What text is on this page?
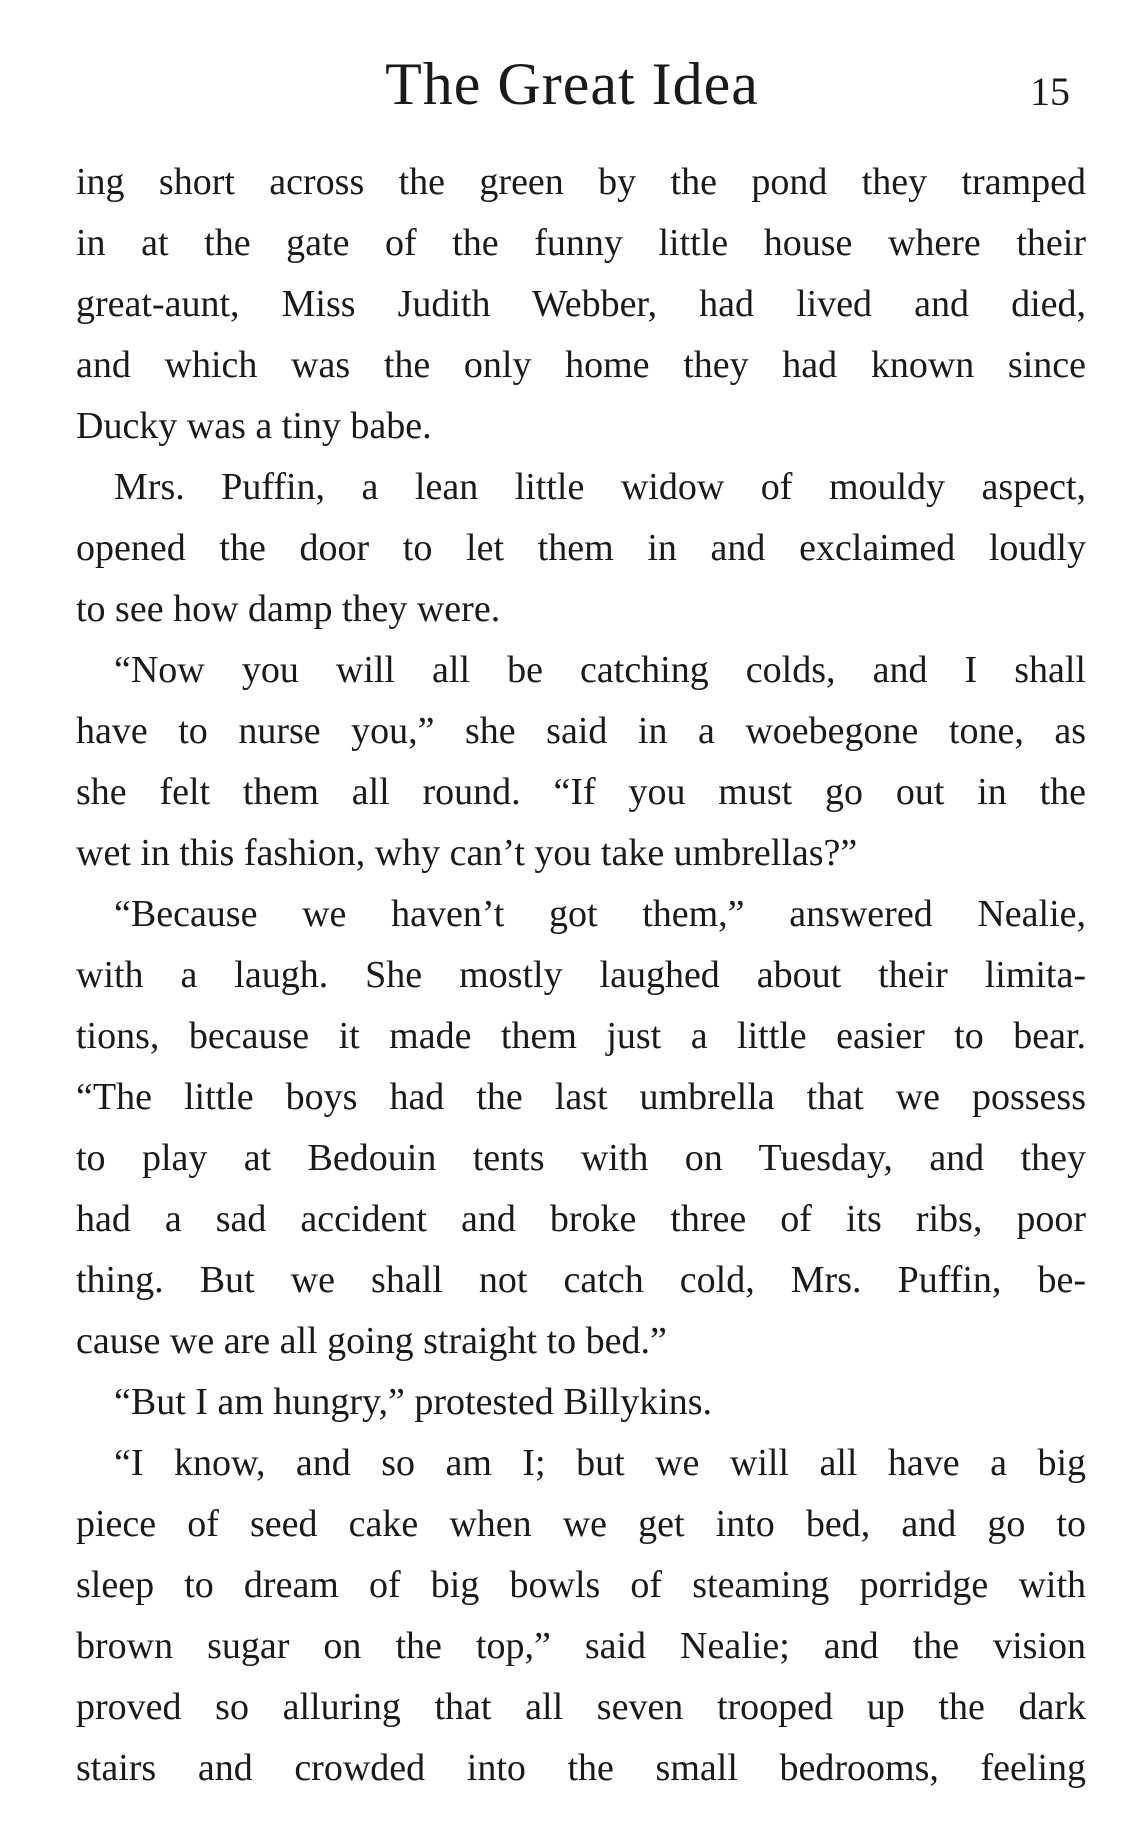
The Great Idea	15
ing short across the green by the pond they tramped
in at the gate of the funny little house where their
great-aunt, Miss Judith Webber, had lived and died,
and which was the only home they had known since
Ducky was a tiny babe.
Mrs. Puffin, a lean little widow of mouldy aspect,
opened the door to let them in and exclaimed loudly
to see how damp they were.
“Now you will all be catching colds, and I shall
have to nurse you,” she said in a woebegone tone, as
she felt them all round. “If you must go out in the
wet in this fashion, why can’t you take umbrellas?”
“Because we haven’t got them,” answered Nealie,
with a laugh. She mostly laughed about their limita-
tions, because it made them just a little easier to bear.
“The little boys had the last umbrella that we possess
to play at Bedouin tents with on Tuesday, and they
had a sad accident and broke three of its ribs, poor
thing. But we shall not catch cold, Mrs. Puffin, be-
cause we are all going straight to bed.”
“But I am hungry,” protested Billykins.
“I know, and so am I; but we will all have a big
piece of seed cake when we get into bed, and go to
sleep to dream of big bowls of steaming porridge with
brown sugar on the top,” said Nealie; and the vision
proved so alluring that all seven trooped up the dark
stairs and crowded into the small bedrooms, feeling
